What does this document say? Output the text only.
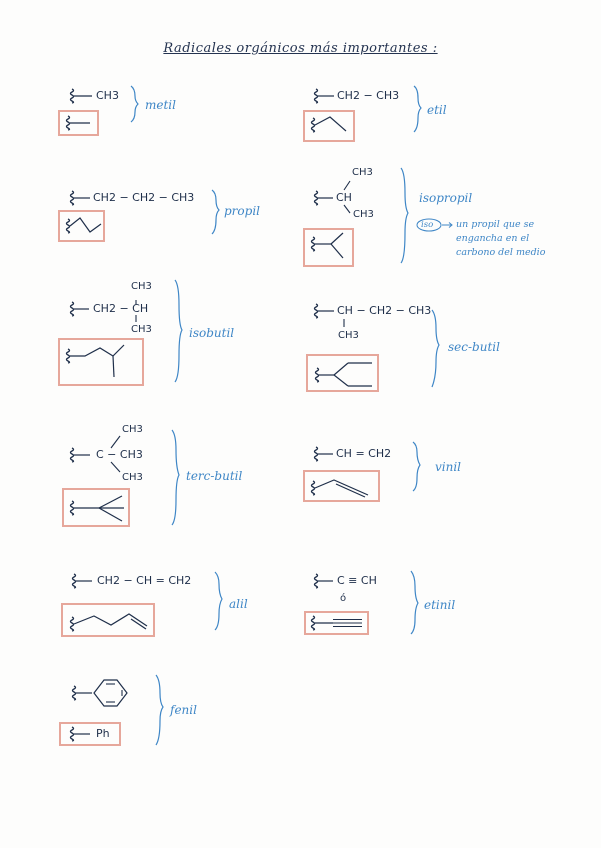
Radicales orgánicos más importantes :
CH3
metil
CH2 − CH3
etil
CH2 − CH2 − CH3
propil
CH3
CH
CH3
isopropil
iso un propil que se engancha en el carbono del medio
CH3
CH2 − CH
CH3	isobutil
CH − CH2 − CH3
CH3
sec-butil
CH3
C − CH3
CH3	terc-butil
CH = CH2
vinil
CH2 − CH = CH2
alil
C ≡ CH
ó	etinil
Ph
fenil
